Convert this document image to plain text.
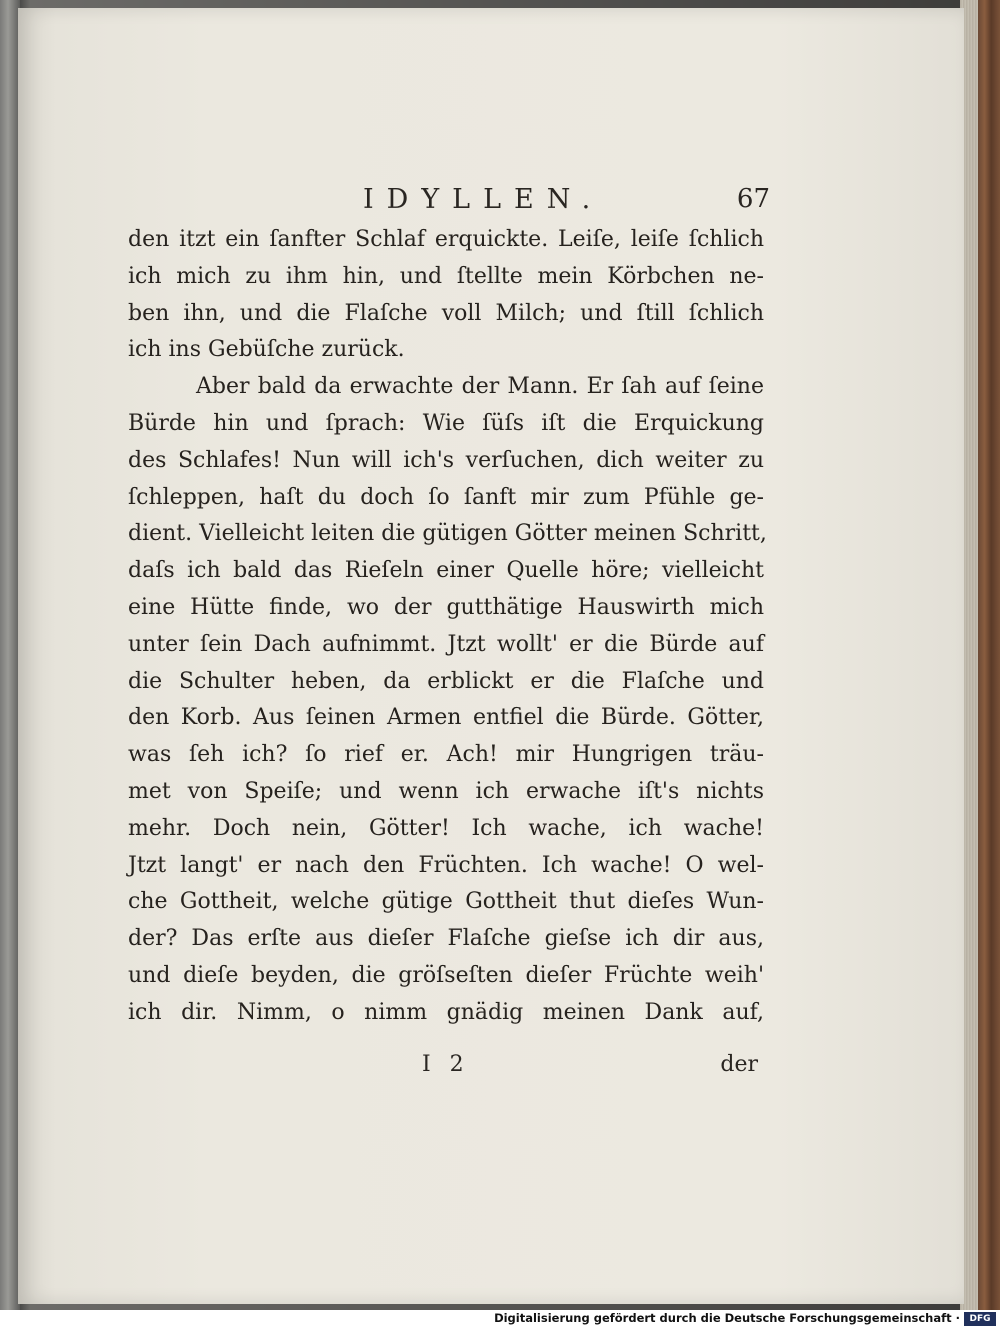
IDYLLEN.	67
den itzt ein ſanfter Schlaf erquickte. Leiſe, leiſe ſchlich
ich mich zu ihm hin, und ſtellte mein Körbchen ne-
ben ihn, und die Flaſche voll Milch; und ſtill ſchlich
ich ins Gebüſche zurück.
Aber bald da erwachte der Mann. Er ſah auf ſeine
Bürde hin und ſprach: Wie ſüſs iſt die Erquickung
des Schlafes! Nun will ich's verſuchen, dich weiter zu
ſchleppen, haſt du doch ſo ſanft mir zum Pfühle ge-
dient. Vielleicht leiten die gütigen Götter meinen Schritt,
daſs ich bald das Rieſeln einer Quelle höre; vielleicht
eine Hütte finde, wo der gutthätige Hauswirth mich
unter ſein Dach aufnimmt. Jtzt wollt' er die Bürde auf
die Schulter heben, da erblickt er die Flaſche und
den Korb. Aus ſeinen Armen entfiel die Bürde. Götter,
was ſeh ich? ſo rief er. Ach! mir Hungrigen träu-
met von Speiſe; und wenn ich erwache iſt's nichts
mehr. Doch nein, Götter! Ich wache, ich wache!
Jtzt langt' er nach den Früchten. Ich wache! O wel-
che Gottheit, welche gütige Gottheit thut dieſes Wun-
der? Das erſte aus dieſer Flaſche gieſse ich dir aus,
und dieſe beyden, die gröſseſten dieſer Früchte weih'
ich dir. Nimm, o nimm gnädig meinen Dank auf,
I 2	der
Digitalisierung gefördert durch die Deutsche Forschungsgemeinschaft ·	DFG
